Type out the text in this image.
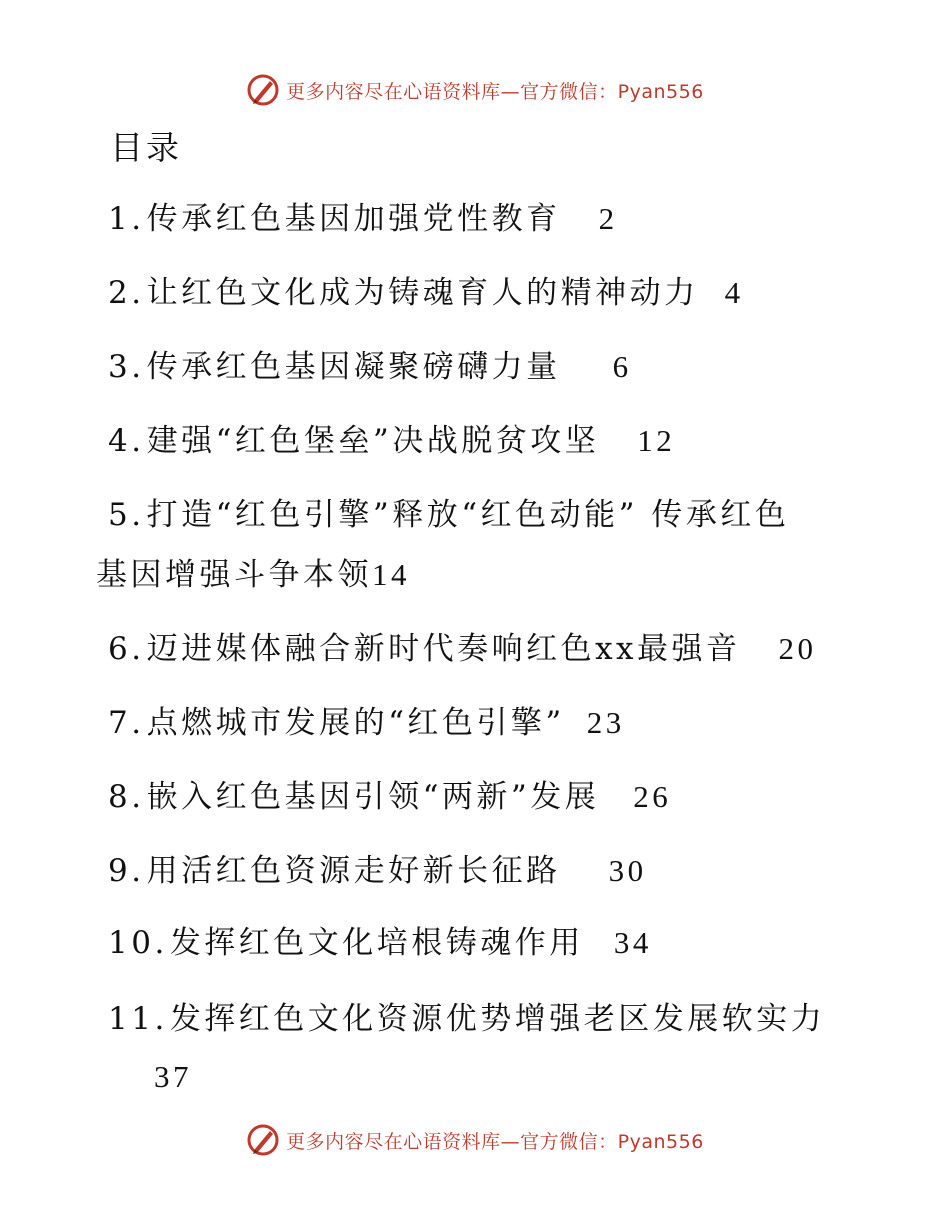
更多内容尽在心语资料库—官方微信：Pyan556
目录
1.传承红色基因加强党性教育 2
2.让红色文化成为铸魂育人的精神动力 4
3.传承红色基因凝聚磅礴力量 6
4.建强“红色堡垒”决战脱贫攻坚 12
5.打造“红色引擎”释放“红色动能” 传承红色
基因增强斗争本领14
6.迈进媒体融合新时代奏响红色xx最强音 20
7.点燃城市发展的“红色引擎” 23
8.嵌入红色基因引领“两新”发展 26
9.用活红色资源走好新长征路 30
10.发挥红色文化培根铸魂作用 34
11.发挥红色文化资源优势增强老区发展软实力
37
更多内容尽在心语资料库—官方微信：Pyan556
